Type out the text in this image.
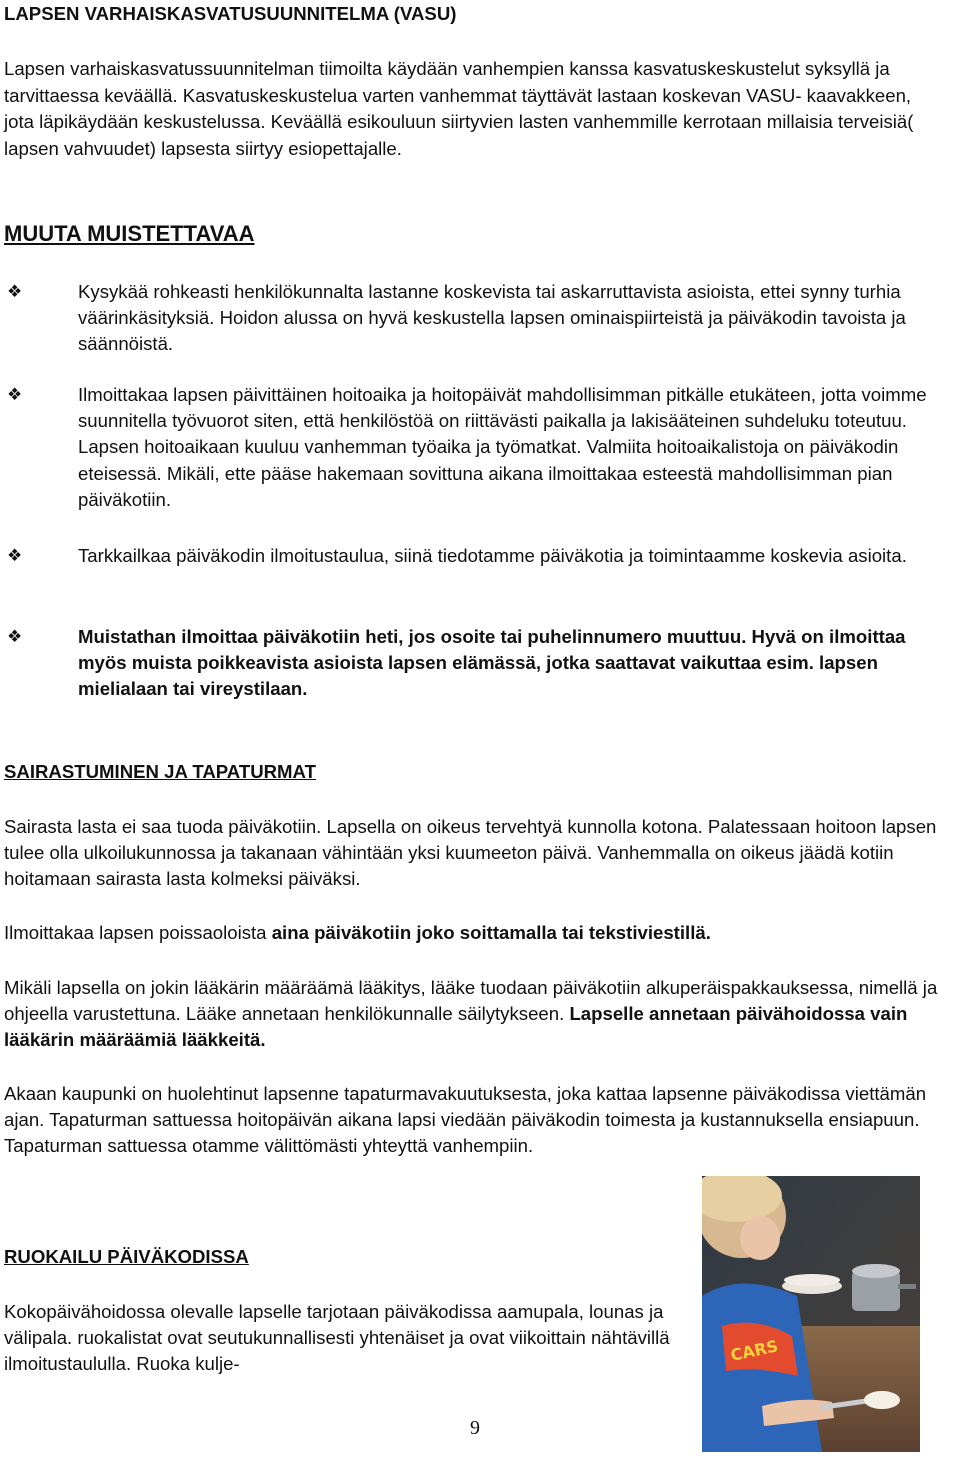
LAPSEN VARHAISKASVATUSUUNNITELMA (VASU)
Lapsen varhaiskasvatussuunnitelman tiimoilta käydään vanhempien kanssa kasvatuskeskustelut syksyllä ja tarvittaessa keväällä. Kasvatuskeskustelua varten vanhemmat täyttävät lastaan koskevan VASU- kaavakkeen, jota läpikäydään keskustelussa. Keväällä esikouluun siirtyvien lasten vanhemmille kerrotaan millaisia terveisiä( lapsen vahvuudet) lapsesta siirtyy esiopettajalle.
MUUTA MUISTETTAVAA
❖	Kysykää rohkeasti henkilökunnalta lastanne koskevista tai askarruttavista asioista, ettei synny turhia väärinkäsityksiä. Hoidon alussa on hyvä keskustella lapsen ominaispiirteistä ja päiväkodin tavoista ja säännöistä.
❖	Ilmoittakaa lapsen päivittäinen hoitoaika ja hoitopäivät mahdollisimman pitkälle etukäteen, jotta voimme suunnitella työvuorot siten, että henkilöstöä on riittävästi paikalla ja lakisääteinen suhdeluku toteutuu. Lapsen hoitoaikaan kuuluu vanhemman työaika ja työmatkat. Valmiita hoitoaikalistoja on päiväkodin eteisessä. Mikäli, ette pääse hakemaan sovittuna aikana ilmoittakaa esteestä mahdollisimman pian päiväkotiin.
❖	Tarkkailkaa päiväkodin ilmoitustaulua, siinä tiedotamme päiväkotia ja toimintaamme koskevia asioita.
❖	Muistathan ilmoittaa päiväkotiin heti, jos osoite tai puhelinnumero muuttuu. Hyvä on ilmoittaa myös muista poikkeavista asioista lapsen elämässä, jotka saattavat vaikuttaa esim. lapsen mielialaan tai vireystilaan.
SAIRASTUMINEN JA TAPATURMAT
Sairasta lasta ei saa tuoda päiväkotiin. Lapsella on oikeus tervehtyä kunnolla kotona. Palatessaan hoitoon lapsen tulee olla ulkoilukunnossa ja takanaan vähintään yksi kuumeeton päivä. Vanhemmalla on oikeus jäädä kotiin hoitamaan sairasta lasta kolmeksi päiväksi.
Ilmoittakaa lapsen poissaoloista aina päiväkotiin joko soittamalla tai tekstiviestillä.
Mikäli lapsella on jokin lääkärin määräämä lääkitys, lääke tuodaan päiväkotiin alkuperäispakkauksessa, nimellä ja ohjeella varustettuna. Lääke annetaan henkilökunnalle säilytykseen. Lapselle annetaan päivähoidossa vain lääkärin määräämiä lääkkeitä.
Akaan kaupunki on huolehtinut lapsenne tapaturmavakuutuksesta, joka kattaa lapsenne päiväkodissa viettämän ajan. Tapaturman sattuessa hoitopäivän aikana lapsi viedään päiväkodin toimesta ja kustannuksella ensiapuun. Tapaturman sattuessa otamme välittömästi yhteyttä vanhempiin.
RUOKAILU PÄIVÄKODISSA
Kokopäivähoidossa olevalle lapselle tarjotaan päiväkodissa aamupala, lounas ja välipala. ruokalistat ovat seutukunnallisesti yhtenäiset ja ovat viikoittain nähtävillä ilmoitustaululla. Ruoka kulje-	CARS
9
